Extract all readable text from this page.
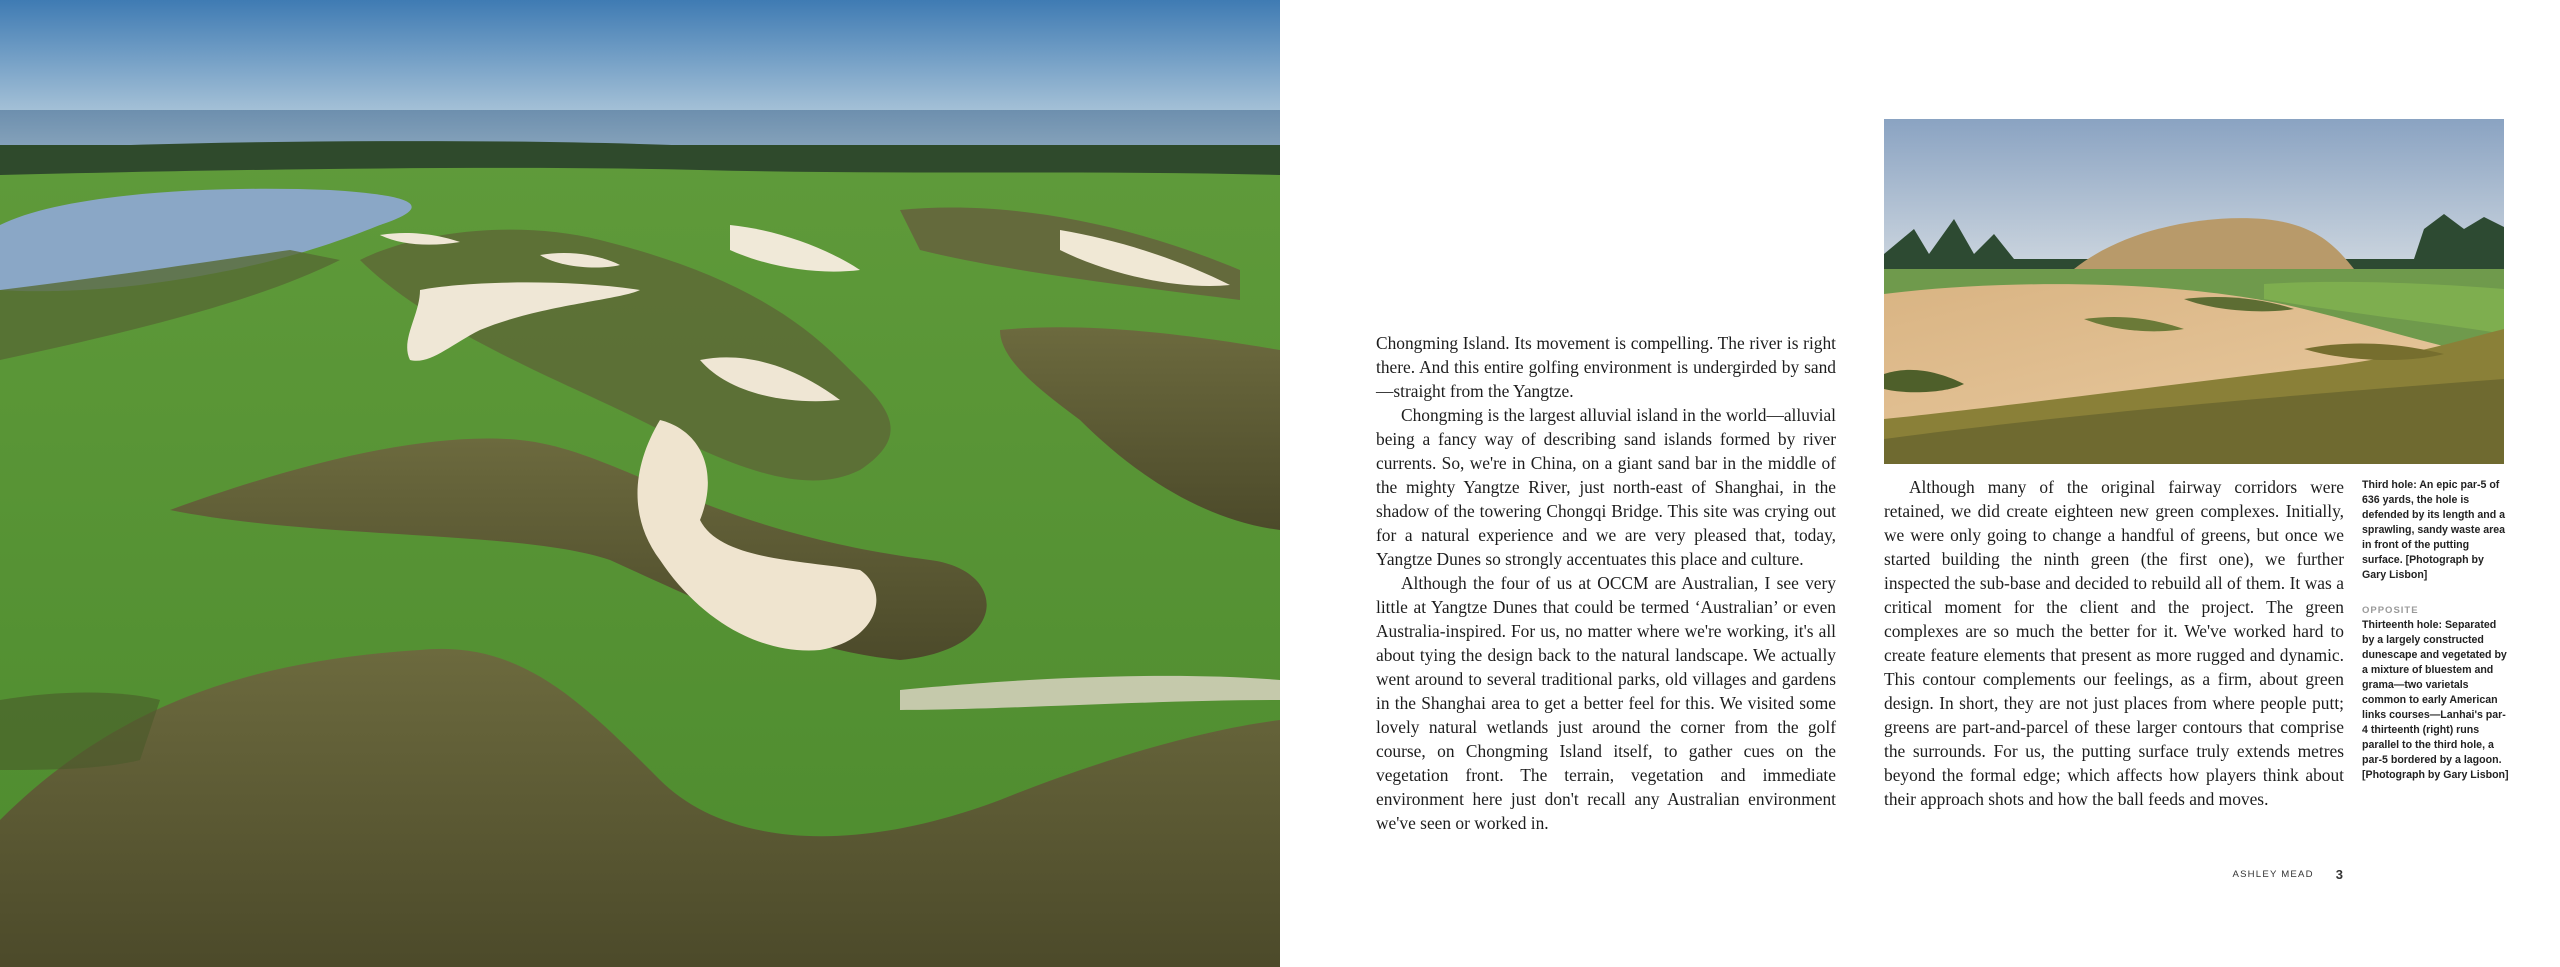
Chongming Island. Its movement is compelling. The river is right there. And this entire golfing environment is undergirded by sand—straight from the Yangtze.

Chongming is the largest alluvial island in the world—alluvial being a fancy way of describing sand islands formed by river currents. So, we're in China, on a giant sand bar in the middle of the mighty Yangtze River, just north-east of Shanghai, in the shadow of the towering Chongqi Bridge. This site was crying out for a natural experience and we are very pleased that, today, Yangtze Dunes so strongly accentuates this place and culture.

Although the four of us at OCCM are Australian, I see very little at Yangtze Dunes that could be termed ‘Australian’ or even Australia-inspired. For us, no matter where we're working, it's all about tying the design back to the natural landscape. We actually went around to several traditional parks, old villages and gardens in the Shanghai area to get a better feel for this. We visited some lovely natural wetlands just around the corner from the golf course, on Chongming Island itself, to gather cues on the vegetation front. The terrain, vegetation and immediate environment here just don't recall any Australian environment we've seen or worked in.

Although many of the original fairway corridors were retained, we did create eighteen new green complexes. Initially, we were only going to change a handful of greens, but once we started building the ninth green (the first one), we further inspected the sub-base and decided to rebuild all of them. It was a critical moment for the client and the project. The green complexes are so much the better for it. We've worked hard to create feature elements that present as more rugged and dynamic. This contour complements our feelings, as a firm, about green design. In short, they are not just places from where people putt; greens are part-and-parcel of these larger contours that comprise the surrounds. For us, the putting surface truly extends metres beyond the formal edge; which affects how players think about their approach shots and how the ball feeds and moves.

Third hole: An epic par-5 of 636 yards, the hole is defended by its length and a sprawling, sandy waste area in front of the putting surface. [Photograph by Gary Lisbon]

OPPOSITE

Thirteenth hole: Separated by a largely constructed dunescape and vegetated by a mixture of bluestem and grama—two varietals common to early American links courses—Lanhai's par-4 thirteenth (right) runs parallel to the third hole, a par-5 bordered by a lagoon. [Photograph by Gary Lisbon]

ASHLEY MEAD 3
